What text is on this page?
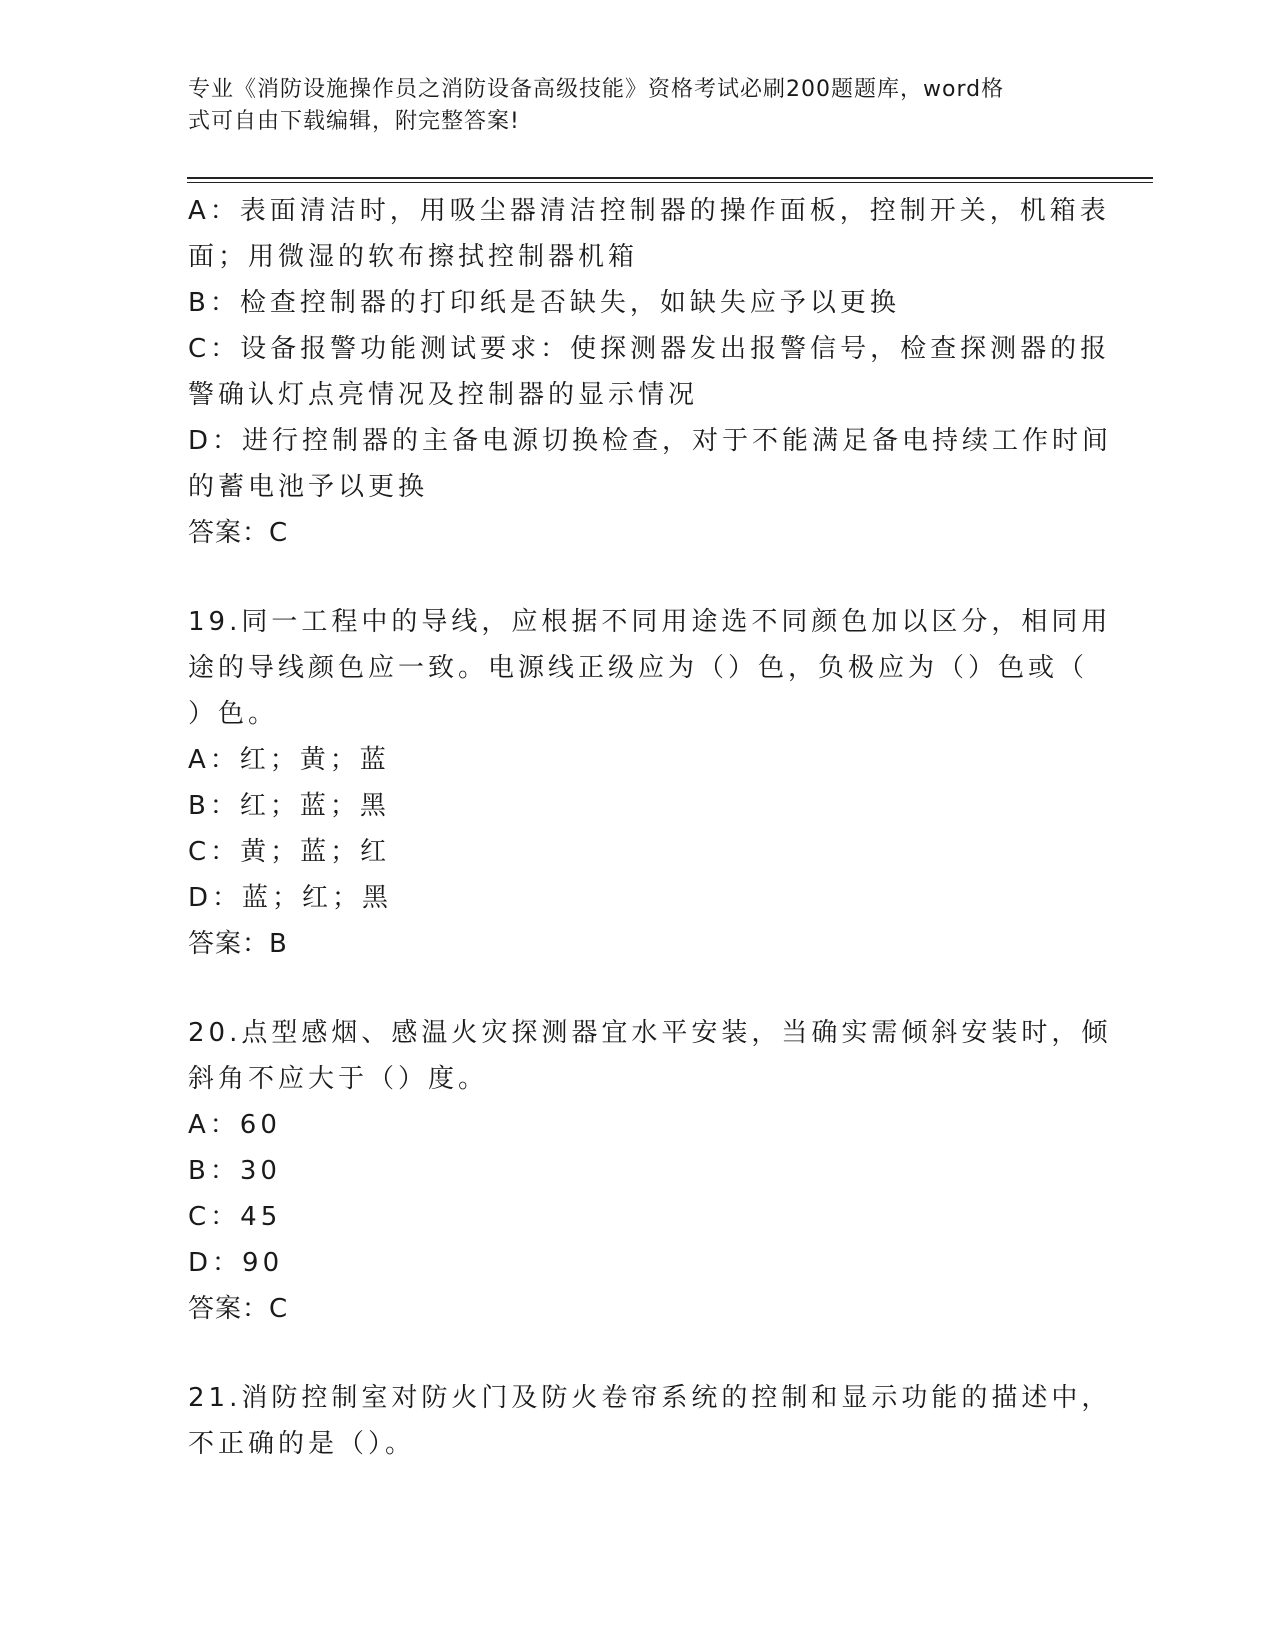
专业《消防设施操作员之消防设备高级技能》资格考试必刷200题题库，word格
式可自由下载编辑，附完整答案!
A：表面清洁时，用吸尘器清洁控制器的操作面板，控制开关，机箱表
面；用微湿的软布擦拭控制器机箱
B：检查控制器的打印纸是否缺失，如缺失应予以更换
C：设备报警功能测试要求：使探测器发出报警信号，检查探测器的报
警确认灯点亮情况及控制器的显示情况
D：进行控制器的主备电源切换检查，对于不能满足备电持续工作时间
的蓄电池予以更换
答案：C
19.同一工程中的导线，应根据不同用途选不同颜色加以区分，相同用
途的导线颜色应一致。电源线正级应为（）色，负极应为（）色或（
）色。
A：红；黄；蓝
B：红；蓝；黑
C：黄；蓝；红
D：蓝；红；黑
答案：B
20.点型感烟、感温火灾探测器宜水平安装，当确实需倾斜安装时，倾
斜角不应大于（）度。
A：60
B：30
C：45
D：90
答案：C
21.消防控制室对防火门及防火卷帘系统的控制和显示功能的描述中，
不正确的是（）。
